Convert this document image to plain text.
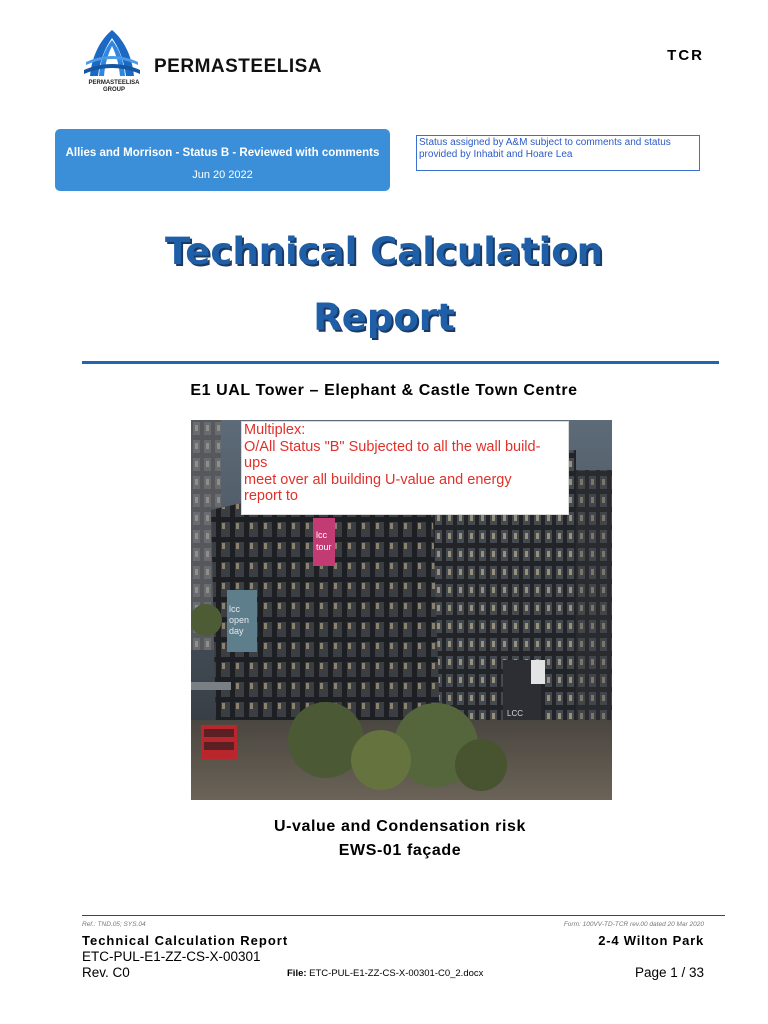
PERMASTEELISA
PERMASTEELISA GROUP
TCR
Allies and Morrison - Status B - Reviewed with comments
Jun 20 2022
Status assigned by A&M subject to comments and status provided by Inhabit and Hoare Lea
Technical Calculation
Report
E1 UAL Tower – Elephant & Castle Town Centre
lcc
tour
lcc
open
day
LCC
Multiplex:
O/All Status "B" Subjected to all the wall build-
ups
meet over all building U-value and energy
report to
U-value and Condensation risk
EWS-01 façade
Ref.: TND.05; SYS.04	Form: 100VV-TD-TCR rev.00 dated 20 Mar 2020
Technical Calculation Report	2-4 Wilton Park
ETC-PUL-E1-ZZ-CS-X-00301
Rev. C0	File: ETC-PUL-E1-ZZ-CS-X-00301-C0_2.docx	Page 1 / 33
